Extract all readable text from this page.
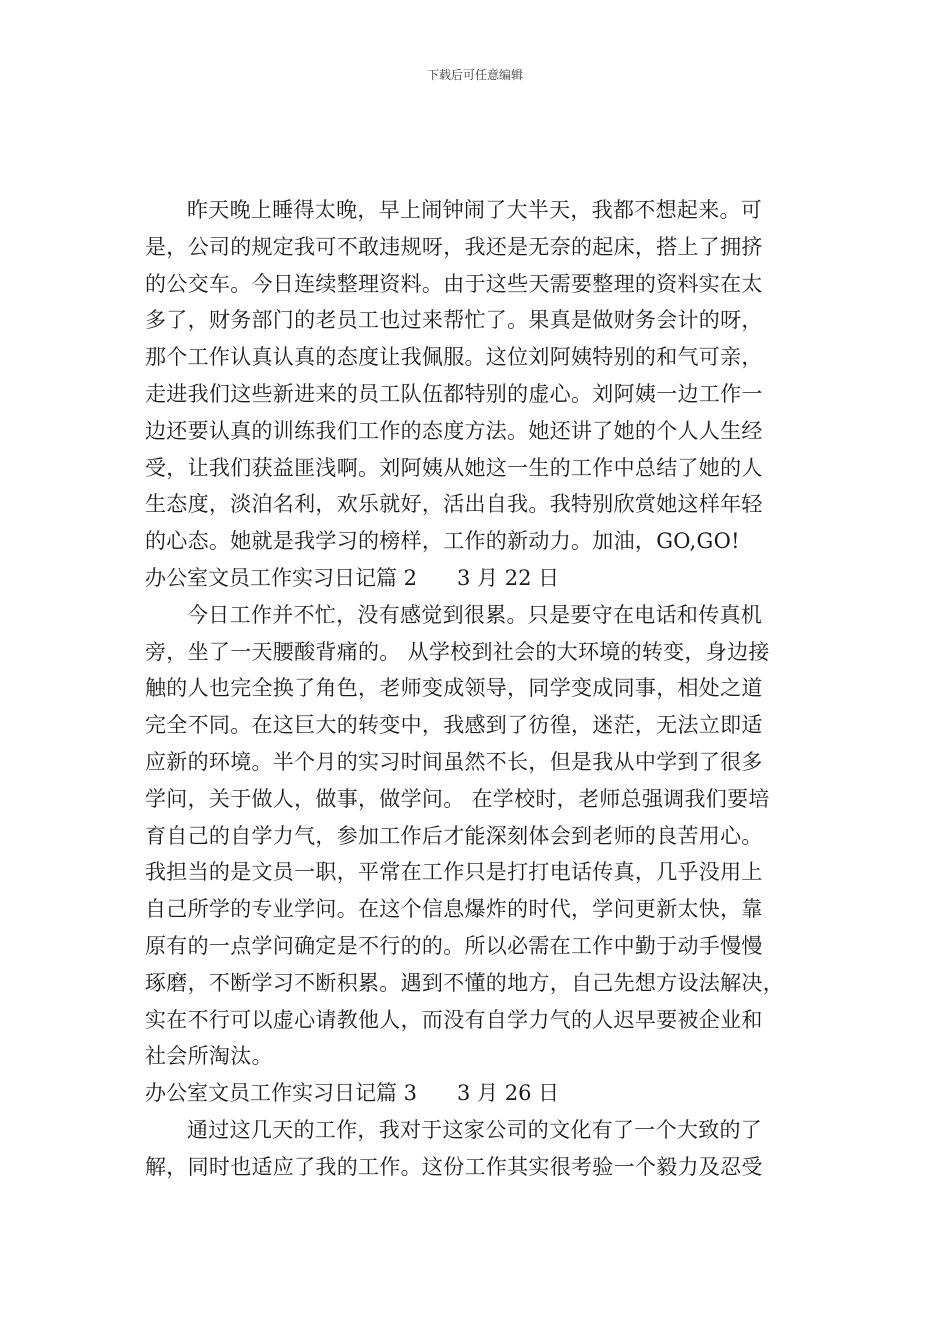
下载后可任意编辑

昨天晚上睡得太晚，早上闹钟闹了大半天，我都不想起来。可
是，公司的规定我可不敢违规呀，我还是无奈的起床，搭上了拥挤
的公交车。今日连续整理资料。由于这些天需要整理的资料实在太
多了，财务部门的老员工也过来帮忙了。果真是做财务会计的呀，
那个工作认真认真的态度让我佩服。这位刘阿姨特别的和气可亲，
走进我们这些新进来的员工队伍都特别的虚心。刘阿姨一边工作一
边还要认真的训练我们工作的态度方法。她还讲了她的个人人生经
受，让我们获益匪浅啊。刘阿姨从她这一生的工作中总结了她的人
生态度，淡泊名利，欢乐就好，活出自我。我特别欣赏她这样年轻
的心态。她就是我学习的榜样，工作的新动力。加油，GO,GO!

办公室文员工作实习日记篇 2 3 月 22 日

今日工作并不忙，没有感觉到很累。只是要守在电话和传真机
旁，坐了一天腰酸背痛的。 从学校到社会的大环境的转变，身边接
触的人也完全换了角色，老师变成领导，同学变成同事，相处之道
完全不同。在这巨大的转变中，我感到了彷徨，迷茫，无法立即适
应新的环境。半个月的实习时间虽然不长，但是我从中学到了很多
学问，关于做人，做事，做学问。 在学校时，老师总强调我们要培
育自己的自学力气，参加工作后才能深刻体会到老师的良苦用心。
我担当的是文员一职，平常在工作只是打打电话传真，几乎没用上
自己所学的专业学问。在这个信息爆炸的时代，学问更新太快，靠
原有的一点学问确定是不行的的。所以必需在工作中勤于动手慢慢
琢磨，不断学习不断积累。遇到不懂的地方，自己先想方设法解决，
实在不行可以虚心请教他人，而没有自学力气的人迟早要被企业和
社会所淘汰。

办公室文员工作实习日记篇 3 3 月 26 日

通过这几天的工作，我对于这家公司的文化有了一个大致的了
解，同时也适应了我的工作。这份工作其实很考验一个毅力及忍受
